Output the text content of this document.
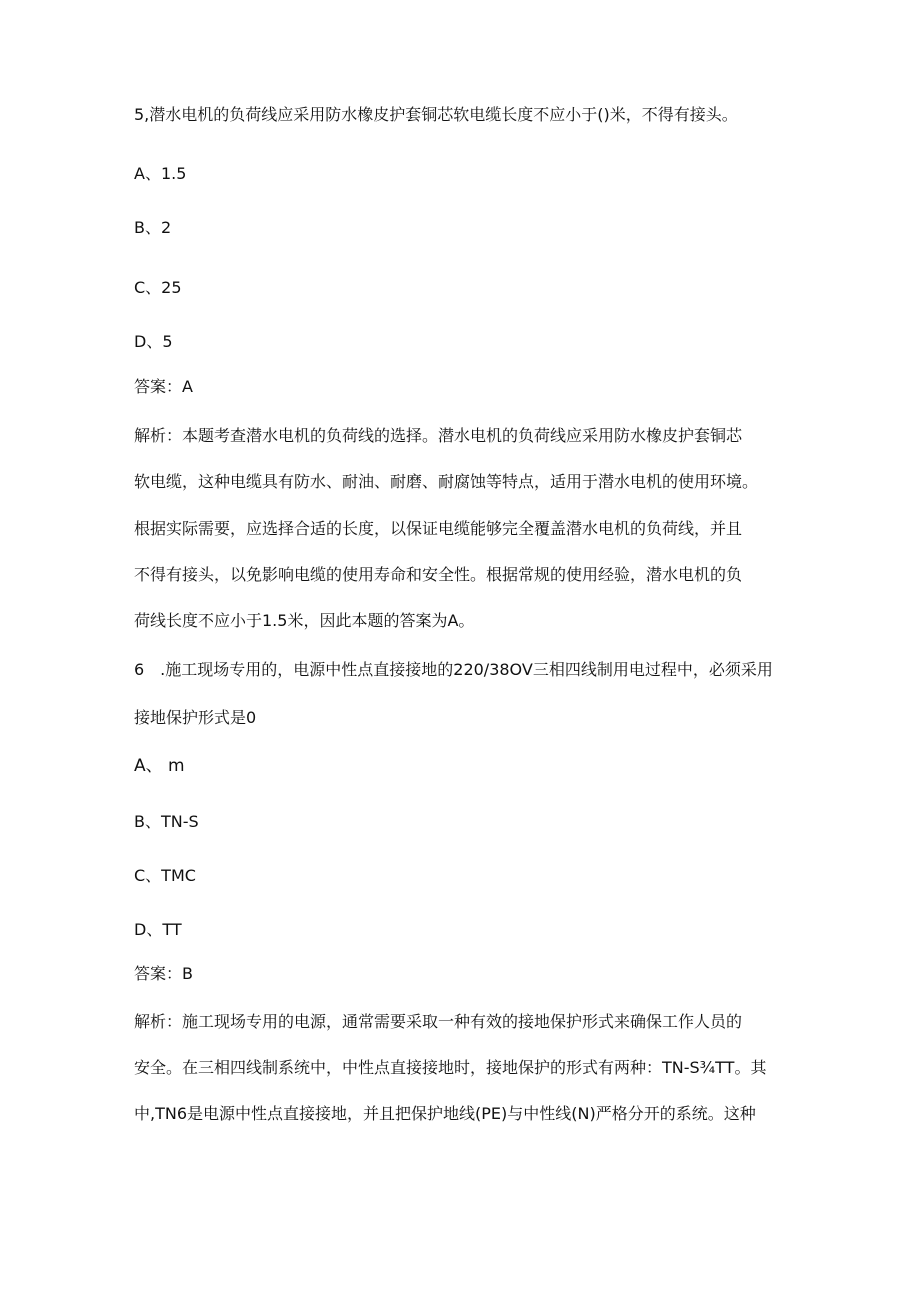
5,潜水电机的负荷线应采用防水橡皮护套铜芯软电缆长度不应小于()米，不得有接头。
A、1.5
B、2
C、25
D、5
答案：A
解析：本题考查潜水电机的负荷线的选择。潜水电机的负荷线应采用防水橡皮护套铜芯
软电缆，这种电缆具有防水、耐油、耐磨、耐腐蚀等特点，适用于潜水电机的使用环境。
根据实际需要，应选择合适的长度，以保证电缆能够完全覆盖潜水电机的负荷线，并且
不得有接头，以免影响电缆的使用寿命和安全性。根据常规的使用经验，潜水电机的负
荷线长度不应小于1.5米，因此本题的答案为A。
6　.施工现场专用的，电源中性点直接接地的220/38OV三相四线制用电过程中，必须采用
接地保护形式是0
A、 m
B、TN-S
C、TMC
D、TT
答案：B
解析：施工现场专用的电源，通常需要采取一种有效的接地保护形式来确保工作人员的
安全。在三相四线制系统中，中性点直接接地时，接地保护的形式有两种：TN-S¾TT。其
中,TN6是电源中性点直接接地，并且把保护地线(PE)与中性线(N)严格分开的系统。这种
